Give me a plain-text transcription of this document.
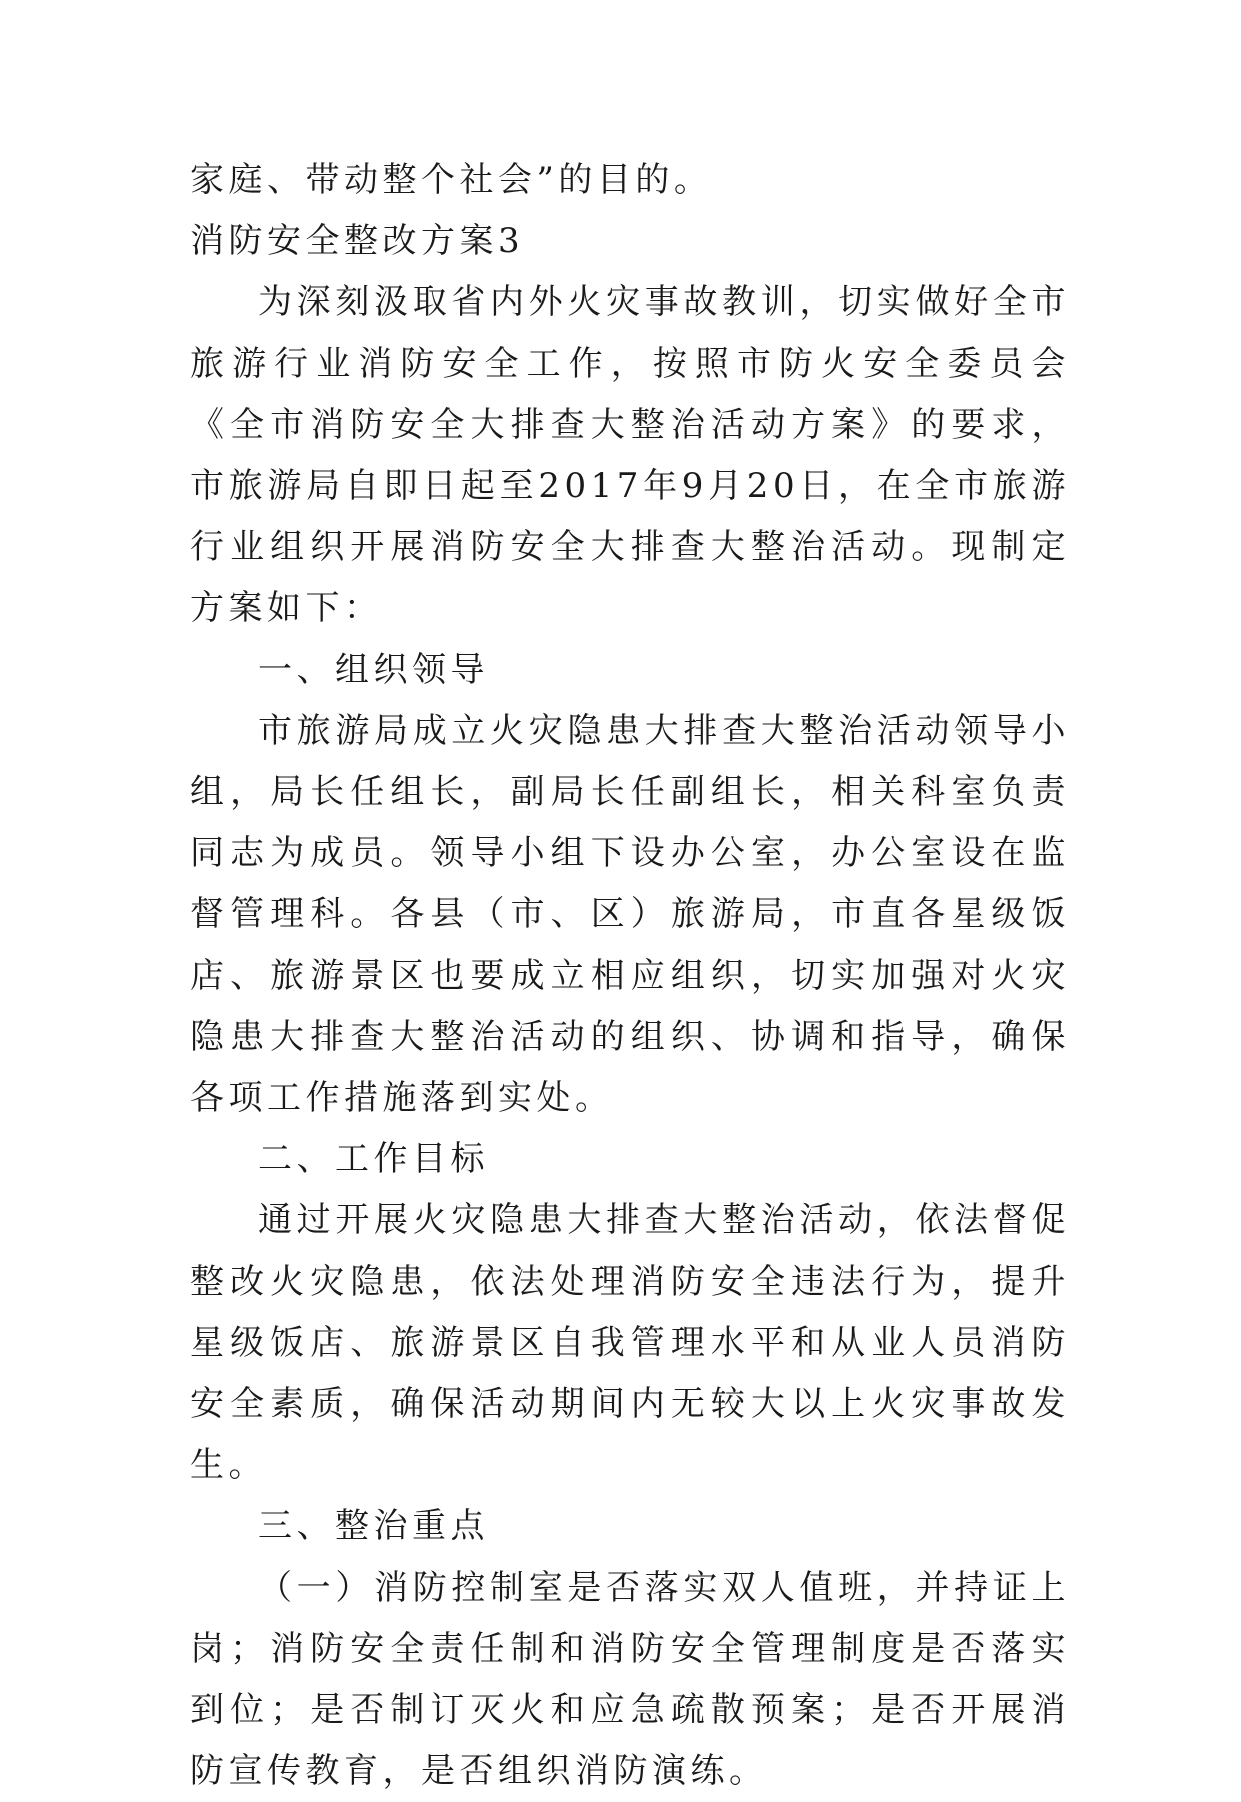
家庭、带动整个社会”的目的。

消防安全整改方案3

为深刻汲取省内外火灾事故教训，切实做好全市旅游行业消防安全工作，按照市防火安全委员会《全市消防安全大排查大整治活动方案》的要求，市旅游局自即日起至2017年9月20日，在全市旅游行业组织开展消防安全大排查大整治活动。现制定方案如下：

一、组织领导

市旅游局成立火灾隐患大排查大整治活动领导小组，局长任组长，副局长任副组长，相关科室负责同志为成员。领导小组下设办公室，办公室设在监督管理科。各县（市、区）旅游局，市直各星级饭店、旅游景区也要成立相应组织，切实加强对火灾隐患大排查大整治活动的组织、协调和指导，确保各项工作措施落到实处。

二、工作目标

通过开展火灾隐患大排查大整治活动，依法督促整改火灾隐患，依法处理消防安全违法行为，提升星级饭店、旅游景区自我管理水平和从业人员消防安全素质，确保活动期间内无较大以上火灾事故发生。

三、整治重点

（一）消防控制室是否落实双人值班，并持证上岗；消防安全责任制和消防安全管理制度是否落实到位；是否制订灭火和应急疏散预案；是否开展消防宣传教育，是否组织消防演练。
